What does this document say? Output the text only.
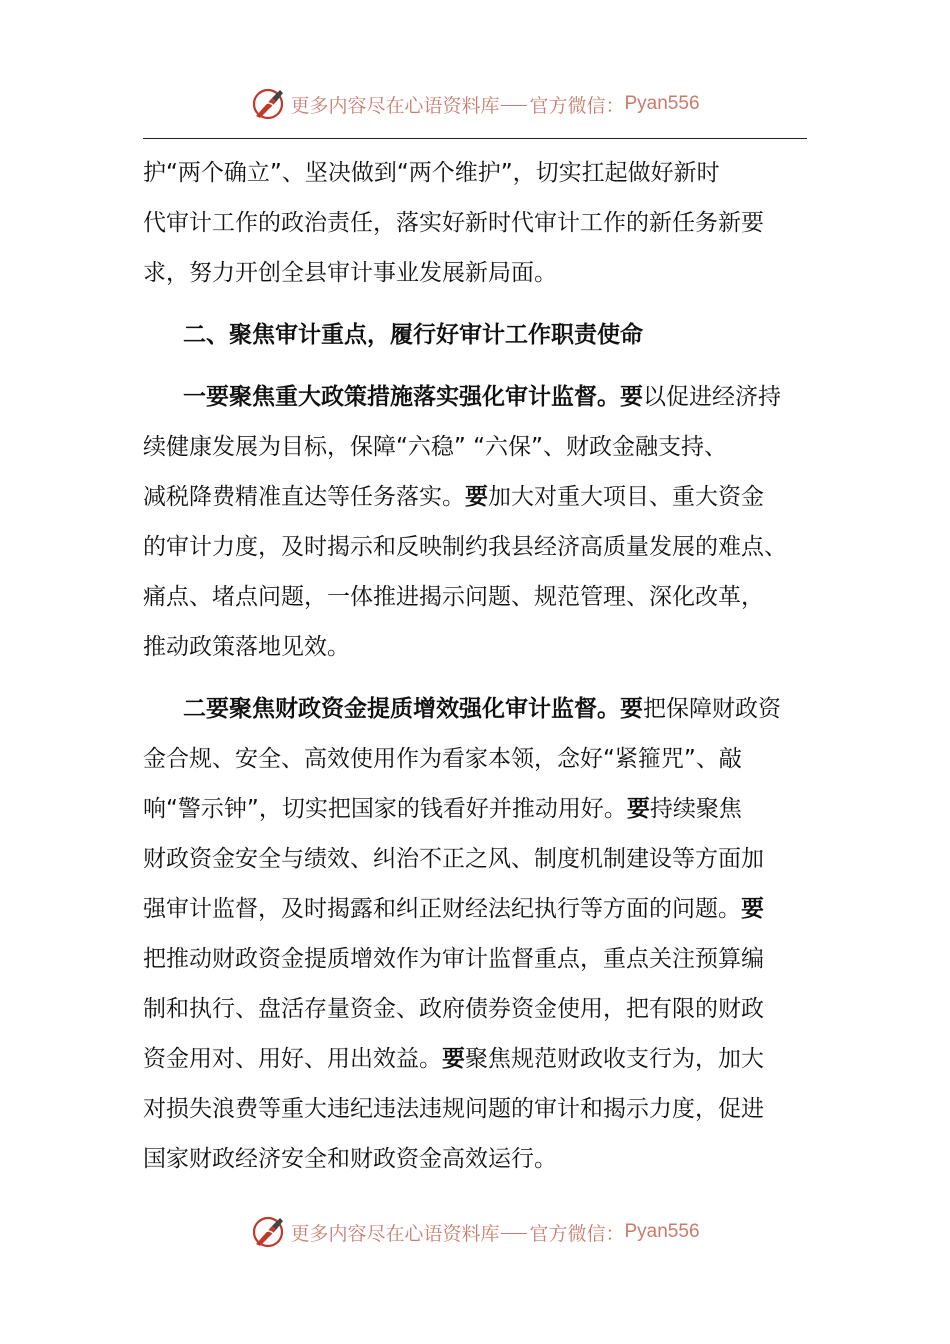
更多内容尽在心语资料库 官方微信： Pyan556
护“两个确立”、坚决做到“两个维护”，切实扛起做好新时
代审计工作的政治责任，落实好新时代审计工作的新任务新要
求，努力开创全县审计事业发展新局面。
二、聚焦审计重点，履行好审计工作职责使命
一要聚焦重大政策措施落实强化审计监督。要以促进经济持
续健康发展为目标，保障“六稳” “六保”、财政金融支持、
减税降费精准直达等任务落实。要加大对重大项目、重大资金
的审计力度，及时揭示和反映制约我县经济高质量发展的难点、
痛点、堵点问题，一体推进揭示问题、规范管理、深化改革，
推动政策落地见效。
二要聚焦财政资金提质增效强化审计监督。要把保障财政资
金合规、安全、高效使用作为看家本领，念好“紧箍咒”、敲
响“警示钟”，切实把国家的钱看好并推动用好。要持续聚焦
财政资金安全与绩效、纠治不正之风、制度机制建设等方面加
强审计监督，及时揭露和纠正财经法纪执行等方面的问题。要
把推动财政资金提质增效作为审计监督重点，重点关注预算编
制和执行、盘活存量资金、政府债券资金使用，把有限的财政
资金用对、用好、用出效益。要聚焦规范财政收支行为，加大
对损失浪费等重大违纪违法违规问题的审计和揭示力度，促进
国家财政经济安全和财政资金高效运行。
更多内容尽在心语资料库 官方微信： Pyan556
